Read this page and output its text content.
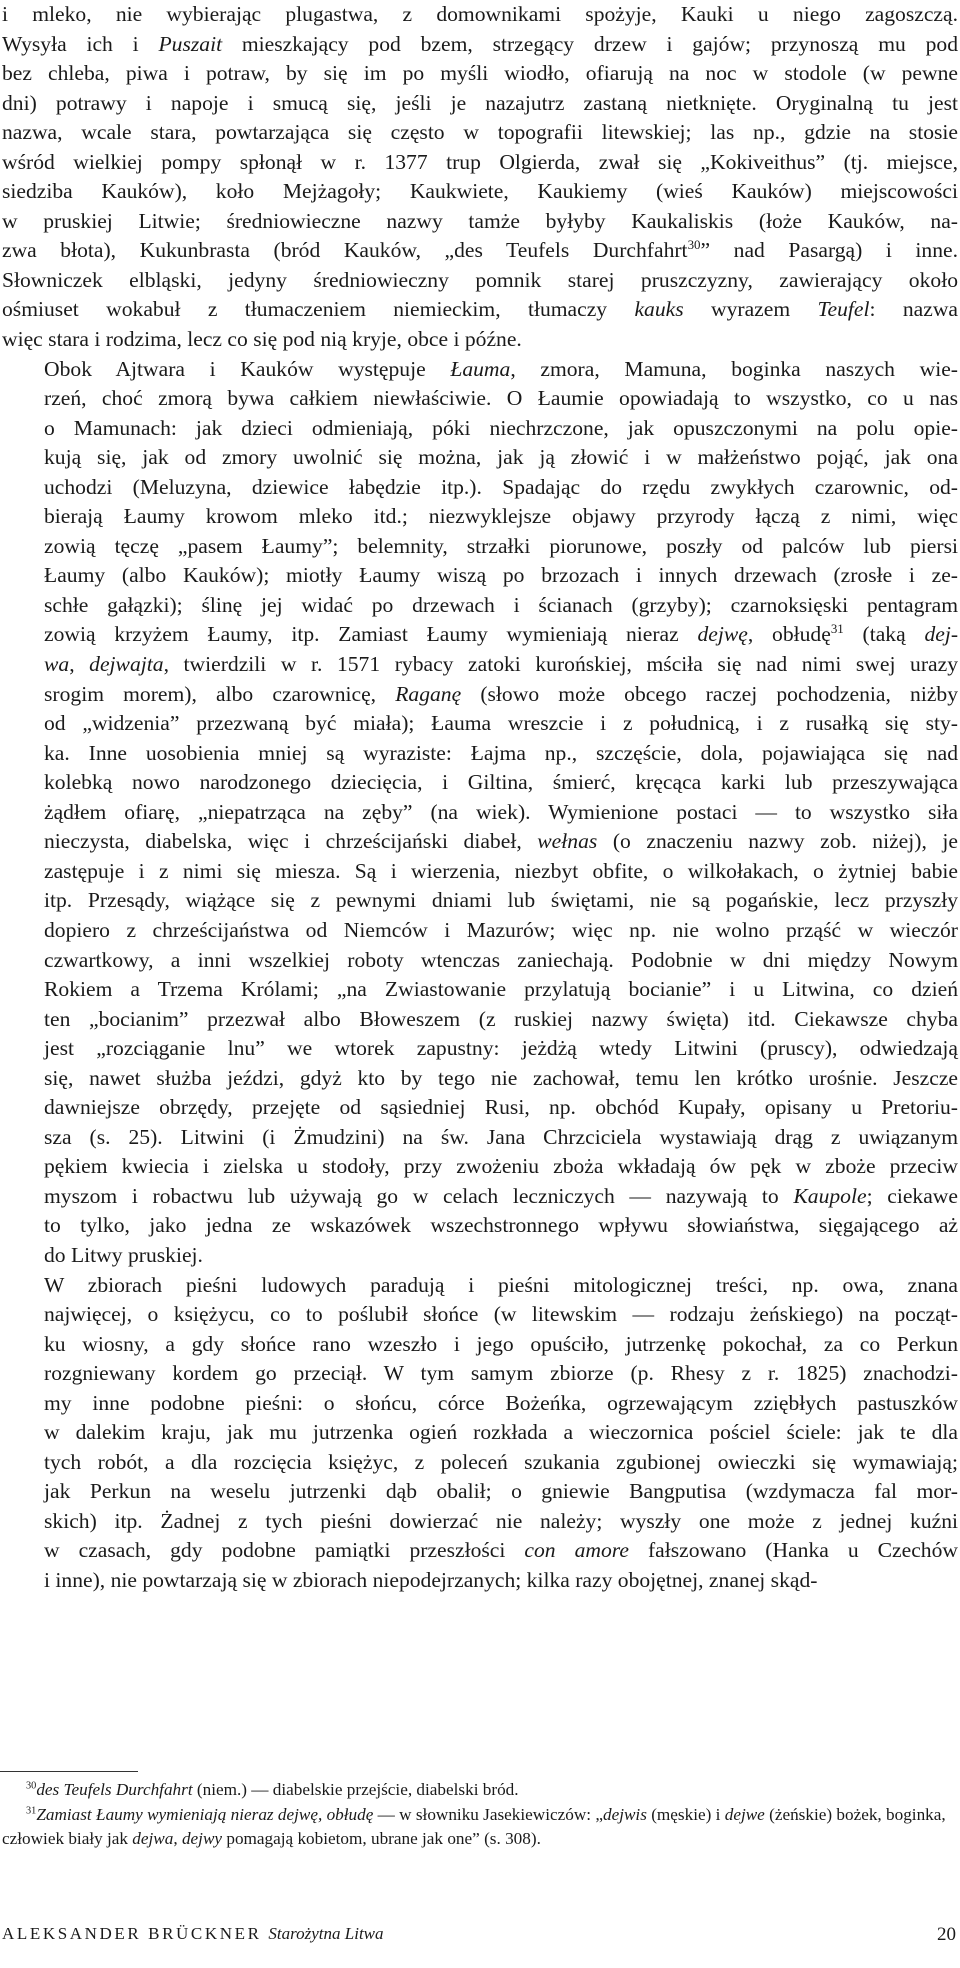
i mleko, nie wybierając plugastwa, z domownikami spożyje, Kauki u niego zagoszczą.
Wysyła ich i Puszait mieszkający pod bzem, strzegący drzew i gajów; przynoszą mu pod
bez chleba, piwa i potraw, by się im po myśli wiodło, ofiarują na noc w stodole (w pewne
dni) potrawy i napoje i smucą się, jeśli je nazajutrz zastaną nietknięte. Oryginalną tu jest
nazwa, wcale stara, powtarzająca się często w topografii litewskiej; las np., gdzie na stosie
wśród wielkiej pompy spłonął w r. 1377 trup Olgierda, zwał się „Kokiveithus” (tj. miejsce,
siedziba Kauków), koło Mejżagoły; Kaukwiete, Kaukiemy (wieś Kauków) miejscowości
w pruskiej Litwie; średniowieczne nazwy tamże byłyby Kaukaliskis (łoże Kauków, na-
zwa błota), Kukunbrasta (bród Kauków, „des Teufels Durchfahrt$^{30}$” nad Pasargą) i inne.
Słowniczek elbląski, jedyny średniowieczny pomnik starej pruszczyzny, zawierający około
ośmiuset wokabuł z tłumaczeniem niemieckim, tłumaczy kauks wyrazem Teufel: nazwa
więc stara i rodzima, lecz co się pod nią kryje, obce i późne.

Obok Ajtwara i Kauków występuje Łauma, zmora, Mamuna, boginka naszych wie-
rzeń, choć zmorą bywa całkiem niewłaściwie. O Łaumie opowiadają to wszystko, co u nas
o Mamunach: jak dzieci odmieniają, póki niechrzczone, jak opuszczonymi na polu opie-
kują się, jak od zmory uwolnić się można, jak ją złowić i w małżeństwo pojąć, jak ona
uchodzi (Meluzyna, dziewice łabędzie itp.). Spadając do rzędu zwykłych czarownic, od-
bierają Łaumy krowom mleko itd.; niezwyklejsze objawy przyrody łączą z nimi, więc
zowią tęczę „pasem Łaumy”; belemnity, strzałki piorunowe, poszły od palców lub piersi
Łaumy (albo Kauków); miotły Łaumy wiszą po brzozach i innych drzewach (zrosłe i ze-
schłe gałązki); ślinę jej widać po drzewach i ścianach (grzyby); czarnoksięski pentagram
zowią krzyżem Łaumy, itp. Zamiast Łaumy wymieniają nieraz dejwę, obłudę$^{31}$ (taką dej-
wa, dejwajta, twierdzili w r. 1571 rybacy zatoki kurońskiej, mściła się nad nimi swej urazy
srogim morem), albo czarownicę, Raganę (słowo może obcego raczej pochodzenia, niżby
od „widzenia” przezwaną być miała); Łauma wreszcie i z południcą, i z rusałką się sty-
ka. Inne uosobienia mniej są wyraziste: Łajma np., szczęście, dola, pojawiająca się nad
kolebką nowo narodzonego dziecięcia, i Giltina, śmierć, kręcąca karki lub przeszywająca
żądłem ofiarę, „niepatrząca na zęby” (na wiek). Wymienione postaci — to wszystko siła
nieczysta, diabelska, więc i chrześcijański diabeł, wełnas (o znaczeniu nazwy zob. niżej), je
zastępuje i z nimi się miesza. Są i wierzenia, niezbyt obfite, o wilkołakach, o żytniej babie
itp. Przesądy, wiążące się z pewnymi dniami lub świętami, nie są pogańskie, lecz przyszły
dopiero z chrześcijaństwa od Niemców i Mazurów; więc np. nie wolno prząść w wieczór
czwartkowy, a inni wszelkiej roboty wtenczas zaniechają. Podobnie w dni między Nowym
Rokiem a Trzema Królami; „na Zwiastowanie przylatują bocianie” i u Litwina, co dzień
ten „bocianim” przezwał albo Błoweszem (z ruskiej nazwy święta) itd. Ciekawsze chyba
jest „rozciąganie lnu” we wtorek zapustny: jeżdżą wtedy Litwini (pruscy), odwiedzają
się, nawet służba jeździ, gdyż kto by tego nie zachował, temu len krótko urośnie. Jeszcze
dawniejsze obrzędy, przejęte od sąsiedniej Rusi, np. obchód Kupały, opisany u Pretoriu-
sza (s. 25). Litwini (i Żmudzini) na św. Jana Chrzciciela wystawiają drąg z uwiązanym
pękiem kwiecia i zielska u stodoły, przy zwożeniu zboża wkładają ów pęk w zboże przeciw
myszom i robactwu lub używają go w celach leczniczych — nazywają to Kaupole; ciekawe
to tylko, jako jedna ze wskazówek wszechstronnego wpływu słowiaństwa, sięgającego aż
do Litwy pruskiej.

W zbiorach pieśni ludowych paradują i pieśni mitologicznej treści, np. owa, znana
najwięcej, o księżycu, co to poślubił słońce (w litewskim — rodzaju żeńskiego) na począt-
ku wiosny, a gdy słońce rano wzeszło i jego opuściło, jutrzenkę pokochał, za co Perkun
rozgniewany kordem go przeciął. W tym samym zbiorze (p. Rhesy z r. 1825) znachodzi-
my inne podobne pieśni: o słońcu, córce Bożeńka, ogrzewającym zziębłych pastuszków
w dalekim kraju, jak mu jutrzenka ogień rozkłada a wieczornica pościel ściele: jak te dla
tych robót, a dla rozcięcia księżyc, z poleceń szukania zgubionej owieczki się wymawiają;
jak Perkun na weselu jutrzenki dąb obalił; o gniewie Bangputisa (wzdymacza fal mor-
skich) itp. Żadnej z tych pieśni dowierzać nie należy; wyszły one może z jednej kuźni
w czasach, gdy podobne pamiątki przeszłości con amore fałszowano (Hanka u Czechów
i inne), nie powtarzają się w zbiorach niepodejrzanych; kilka razy obojętnej, znanej skąd-

$^{30}$des Teufels Durchfahrt (niem.) — diabelskie przejście, diabelski bród.

$^{31}$Zamiast Łaumy wymieniają nieraz dejwę, obłudę — w słowniku Jasekiewiczów: „dejwis (męskie) i dejwe (żeńskie) bożek, boginka, człowiek biały jak dejwa, dejwy pomagają kobietom, ubrane jak one” (s. 308).

ALEKSANDER BRÜCKNER Starożytna Litwa	20
